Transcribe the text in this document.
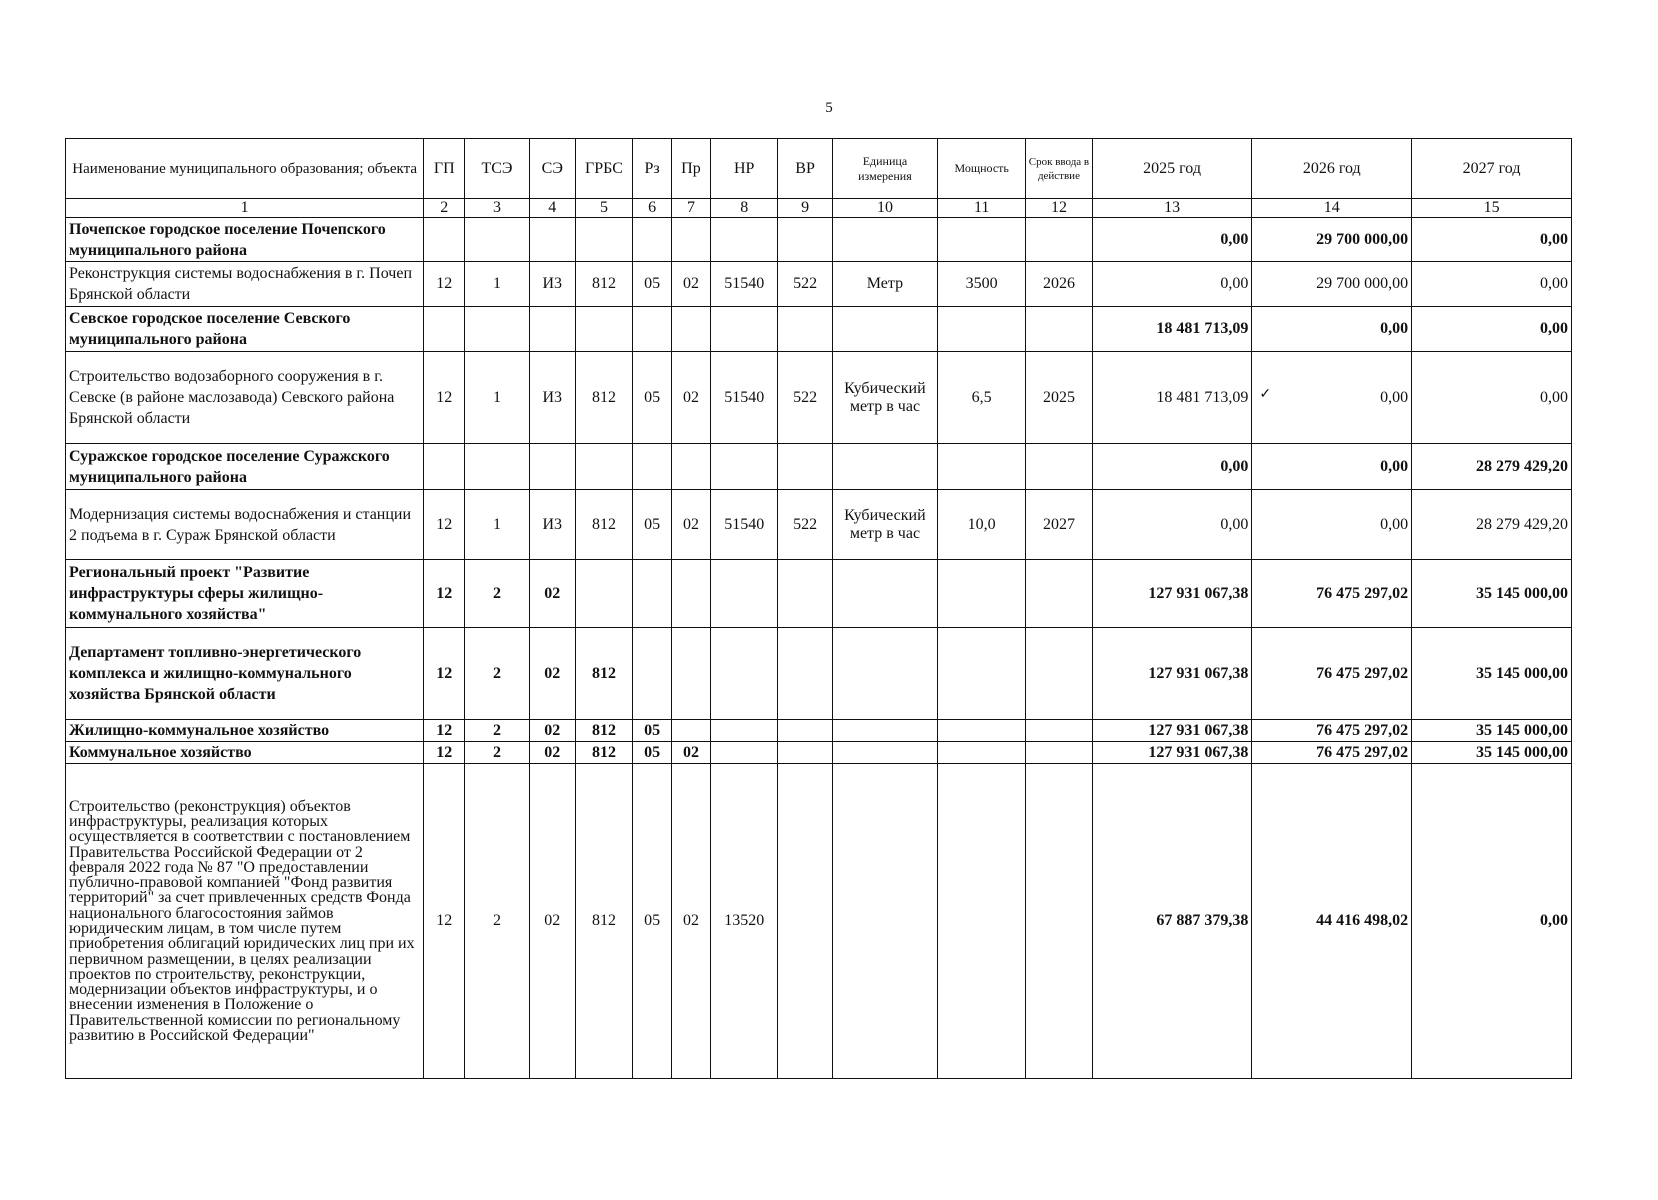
5
Наименование муниципального образования; объекта	ГП	ТСЭ	СЭ	ГРБС	Рз	Пр	НР	ВР	Единица измерения	Мощность	Срок ввода в действие	2025 год	2026 год	2027 год
1	2	3	4	5	6	7	8	9	10	11	12	13	14	15
Почепское городское поселение Почепского муниципального района												0,00	29 700 000,00	0,00
Реконструкция системы водоснабжения в г. Почеп Брянской области	12	1	И3	812	05	02	51540	522	Метр	3500	2026	0,00	29 700 000,00	0,00
Севское городское поселение Севского муниципального района												18 481 713,09	0,00	0,00
Строительство водозаборного сооружения в г. Севске (в районе маслозавода) Севского района Брянской области	12	1	И3	812	05	02	51540	522	Кубический метр в час	6,5	2025	18 481 713,09	✓ 0,00	0,00
Суражское городское поселение Суражского муниципального района												0,00	0,00	28 279 429,20
Модернизация системы водоснабжения и станции 2 подъема в г. Сураж Брянской области	12	1	И3	812	05	02	51540	522	Кубический метр в час	10,0	2027	0,00	0,00	28 279 429,20
Региональный проект "Развитие инфраструктуры сферы жилищно-коммунального хозяйства"	12	2	02									127 931 067,38	76 475 297,02	35 145 000,00
Департамент топливно-энергетического комплекса и жилищно-коммунального хозяйства Брянской области	12	2	02	812								127 931 067,38	76 475 297,02	35 145 000,00
Жилищно-коммунальное хозяйство	12	2	02	812	05							127 931 067,38	76 475 297,02	35 145 000,00
Коммунальное хозяйство	12	2	02	812	05	02						127 931 067,38	76 475 297,02	35 145 000,00
Строительство (реконструкция) объектов инфраструктуры, реализация которых осуществляется в соответствии с постановлением Правительства Российской Федерации от 2 февраля 2022 года № 87 "О предоставлении публично-правовой компанией "Фонд развития территорий" за счет привлеченных средств Фонда национального благосостояния займов юридическим лицам, в том числе путем приобретения облигаций юридических лиц при их первичном размещении, в целях реализации проектов по строительству, реконструкции, модернизации объектов инфраструктуры, и о внесении изменения в Положение о Правительственной комиссии по региональному развитию в Российской Федерации"	12	2	02	812	05	02	13520					67 887 379,38	44 416 498,02	0,00
